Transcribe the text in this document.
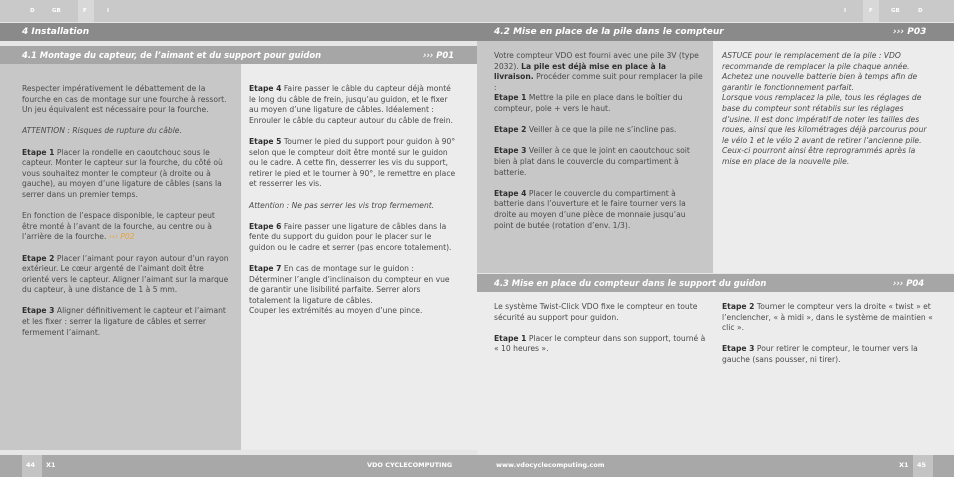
D	GB	F	I
4 Installation
4.1 Montage du capteur, de l’aimant et du support pour guidon	››› P01

Respecter impérativement le débattement de la fourche en cas de montage sur une fourche à ressort. Un jeu équivalent est nécessaire pour la fourche.

ATTENTION : Risques de rupture du câble.

Etape 1 Placer la rondelle en caoutchouc sous le capteur. Monter le capteur sur la fourche, du côté où vous souhaitez monter le compteur (à droite ou à gauche), au moyen d’une ligature de câbles (sans la serrer dans un premier temps.

En fonction de l’espace disponible, le capteur peut être monté à l’avant de la fourche, au centre ou à l’arrière de la fourche. ››› P02

Etape 2 Placer l’aimant pour rayon autour d’un rayon extérieur. Le cœur argenté de l’aimant doit être orienté vers le capteur. Aligner l’aimant sur la marque du capteur, à une distance de 1 à 5 mm.

Etape 3 Aligner définitivement le capteur et l’aimant et les fixer : serrer la ligature de câbles et serrer fermement l’aimant.

Etape 4 Faire passer le câble du capteur déjà monté le long du câble de frein, jusqu’au guidon, et le fixer au moyen d’une ligature de câbles. Idéalement : Enrouler le câble du capteur autour du câble de frein.

Etape 5 Tourner le pied du support pour guidon à 90° selon que le compteur doit être monté sur le guidon ou le cadre. A cette fin, desserrer les vis du support, retirer le pied et le tourner à 90°, le remettre en place et resserrer les vis.

Attention : Ne pas serrer les vis trop fermement.

Etape 6 Faire passer une ligature de câbles dans la fente du support du guidon pour le placer sur le guidon ou le cadre et serrer (pas encore totalement).

Etape 7 En cas de montage sur le guidon : Déterminer l’angle d’inclinaison du compteur en vue de garantir une lisibilité parfaite. Serrer alors totalement la ligature de câbles.

Couper les extrémités au moyen d’une pince.

44 X1	VDO CYCLECOMPUTING
I	F	GB	D
4.2 Mise en place de la pile dans le compteur	››› P03

Votre compteur VDO est fourni avec une pile 3V (type 2032). La pile est déjà mise en place à la livraison. Procéder comme suit pour remplacer la pile :
Etape 1 Mettre la pile en place dans le boîtier du compteur, pole + vers le haut.

Etape 2 Veiller à ce que la pile ne s’incline pas.

Etape 3 Veiller à ce que le joint en caoutchouc soit bien à plat dans le couvercle du compartiment à batterie.

Etape 4 Placer le couvercle du compartiment à batterie dans l’ouverture et le faire tourner vers la droite au moyen d’une pièce de monnaie jusqu’au point de butée (rotation d’env. 1/3).

ASTUCE pour le remplacement de la pile : VDO recommande de remplacer la pile chaque année. Achetez une nouvelle batterie bien à temps afin de garantir le fonctionnement parfait.

Lorsque vous remplacez la pile, tous les réglages de base du compteur sont rétablis sur les réglages d’usine. Il est donc impératif de noter les tailles des roues, ainsi que les kilométrages déjà parcourus pour le vélo 1 et le vélo 2 avant de retirer l’ancienne pile. Ceux-ci pourront ainsi être reprogrammés après la mise en place de la nouvelle pile.

4.3 Mise en place du compteur dans le support du guidon	››› P04

Le système Twist-Click VDO fixe le compteur en toute sécurité au support pour guidon.

Etape 1 Placer le compteur dans son support, tourné à « 10 heures ».

Etape 2 Tourner le compteur vers la droite « twist » et l’enclencher, « à midi », dans le système de maintien « clic ».

Etape 3 Pour retirer le compteur, le tourner vers la gauche (sans pousser, ni tirer).

www.vdocyclecomputing.com	X1 45
